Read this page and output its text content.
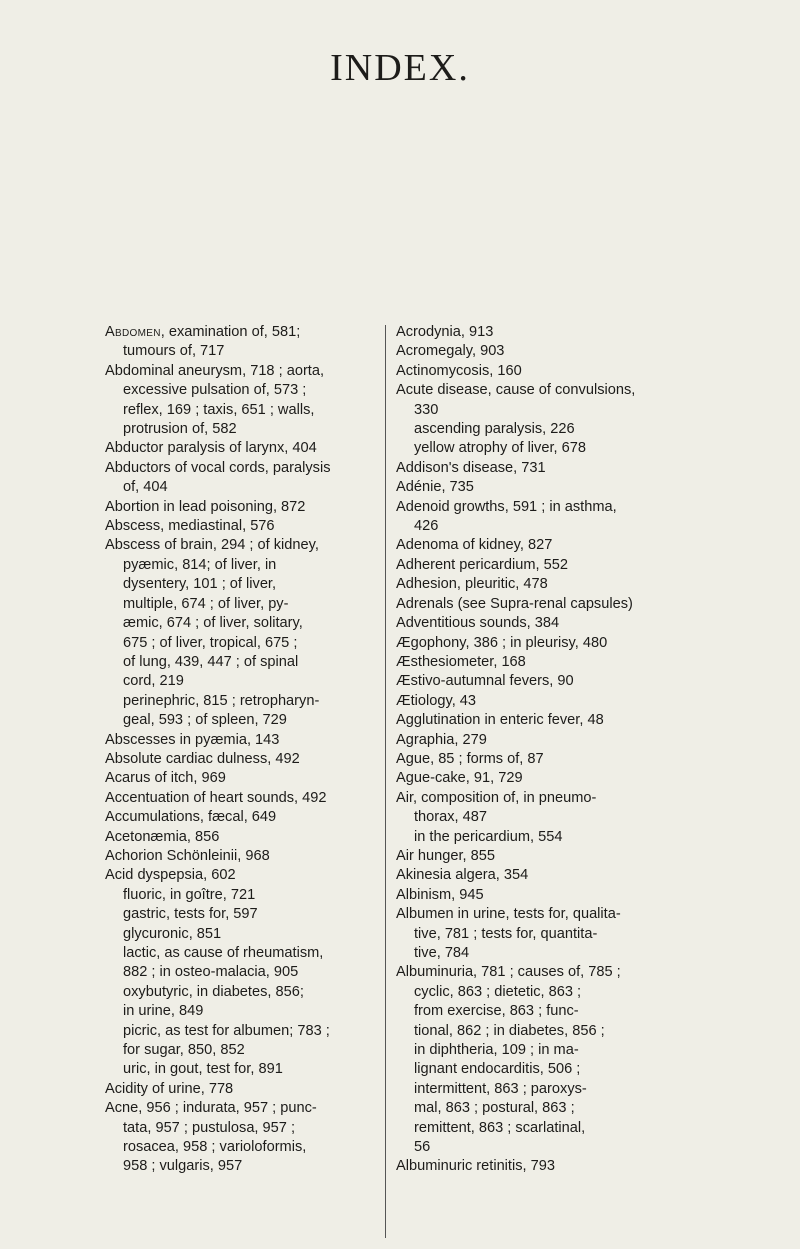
INDEX.
Abdomen, examination of, 581;
tumours of, 717
Abdominal aneurysm, 718 ; aorta,
excessive pulsation of, 573 ;
reflex, 169 ; taxis, 651 ; walls,
protrusion of, 582
Abductor paralysis of larynx, 404
Abductors of vocal cords, paralysis
of, 404
Abortion in lead poisoning, 872
Abscess, mediastinal, 576
Abscess of brain, 294 ; of kidney,
pyæmic, 814; of liver, in
dysentery, 101 ; of liver,
multiple, 674 ; of liver, py-
æmic, 674 ; of liver, solitary,
675 ; of liver, tropical, 675 ;
of lung, 439, 447 ; of spinal
cord, 219
perinephric, 815 ; retropharyn-
geal, 593 ; of spleen, 729
Abscesses in pyæmia, 143
Absolute cardiac dulness, 492
Acarus of itch, 969
Accentuation of heart sounds, 492
Accumulations, fæcal, 649
Acetonæmia, 856
Achorion Schönleinii, 968
Acid dyspepsia, 602
fluoric, in goître, 721
gastric, tests for, 597
glycuronic, 851
lactic, as cause of rheumatism,
882 ; in osteo-malacia, 905
oxybutyric, in diabetes, 856;
in urine, 849
picric, as test for albumen; 783 ;
for sugar, 850, 852
uric, in gout, test for, 891
Acidity of urine, 778
Acne, 956 ; indurata, 957 ; punc-
tata, 957 ; pustulosa, 957 ;
rosacea, 958 ; varioloformis,
958 ; vulgaris, 957
Acrodynia, 913
Acromegaly, 903
Actinomycosis, 160
Acute disease, cause of convulsions,
330
ascending paralysis, 226
yellow atrophy of liver, 678
Addison's disease, 731
Adénie, 735
Adenoid growths, 591 ; in asthma,
426
Adenoma of kidney, 827
Adherent pericardium, 552
Adhesion, pleuritic, 478
Adrenals (see Supra-renal capsules)
Adventitious sounds, 384
Ægophony, 386 ; in pleurisy, 480
Æsthesiometer, 168
Æstivo-autumnal fevers, 90
Ætiology, 43
Agglutination in enteric fever, 48
Agraphia, 279
Ague, 85 ; forms of, 87
Ague-cake, 91, 729
Air, composition of, in pneumo-
thorax, 487
in the pericardium, 554
Air hunger, 855
Akinesia algera, 354
Albinism, 945
Albumen in urine, tests for, qualita-
tive, 781 ; tests for, quantita-
tive, 784
Albuminuria, 781 ; causes of, 785 ;
cyclic, 863 ; dietetic, 863 ;
from exercise, 863 ; func-
tional, 862 ; in diabetes, 856 ;
in diphtheria, 109 ; in ma-
lignant endocarditis, 506 ;
intermittent, 863 ; paroxys-
mal, 863 ; postural, 863 ;
remittent, 863 ; scarlatinal,
56
Albuminuric retinitis, 793
